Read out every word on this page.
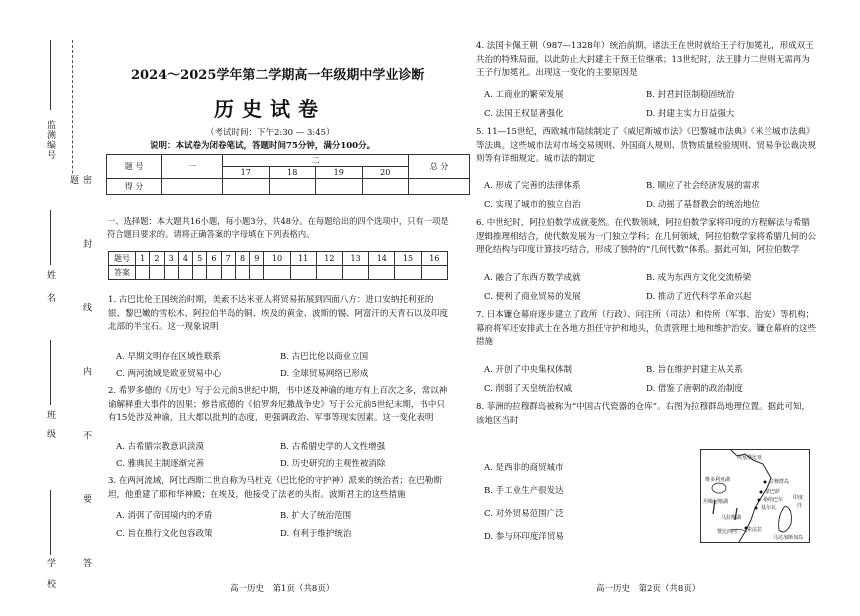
监测编号
姓名
班级
学校	密 封 线 内 不 要 答 题
2024～2025学年第二学期高一年级期中学业诊断
历史试卷
（考试时间：下午2:30 — 3:45）
说明：本试卷为闭卷笔试，答题时间75分钟，满分100分。
题 号	一	二				总 分
		17	18	19	20	
得 分						
一、选择题：本大题共16小题，每小题3分，共48分。在每题给出的四个选项中，只有一项是符合题目要求的。请将正确答案的字母填在下列表格内。
题号	1	2	3	4	5	6	7	8	9	10	11	12	13	14	15	16
答案																
1. 古巴比伦王国统治时期，美索不达米亚人将贸易拓展到四面八方：进口安纳托利亚的银、黎巴嫩的雪松木、阿拉伯半岛的铜、埃及的黄金、波斯的锡、阿富汗的天青石以及印度北部的半宝石。这一现象说明
A. 早期文明存在区域性联系	B. 古巴比伦以商业立国
C. 两河流域是欧亚贸易中心	D. 全球贸易网络已形成
2. 希罗多德的《历史》写于公元前5世纪中期，书中述及神谕的地方有上百次之多，常以神谕解释重大事件的因果；修昔底德的《伯罗奔尼撒战争史》写于公元前5世纪末期，书中只有15处涉及神谕，且大都以批判的态度，更强调政治、军事等现实因素。这一变化表明
A. 古希腊宗教意识淡漠	B. 古希腊史学的人文性增强
C. 雅典民主制逐渐完善	D. 历史研究的主观性被消除
3. 在两河流域，阿比西斯二世自称为马杜克（巴比伦的守护神）派来的统治者；在巴勒斯坦，他重建了耶和华神殿；在埃及，他接受了法老的头衔。波斯君主的这些措施
A. 消弭了帝国境内的矛盾	B. 扩大了统治范围
C. 旨在推行文化包容政策	D. 有利于维护统治
4. 法国卡佩王朝（987—1328年）统治前期，诸法王在世时就给王子行加冕礼，形成双王共治的特殊局面，以此防止大封建主干预王位继承；13世纪时，法王腓力二世则无需再为王子行加冕礼。出现这一变化的主要原因是
A. 工商业的繁荣发展	B. 封君封臣制稳固统治
C. 法国王权显著强化	D. 封建主实力日益强大
5. 11—15世纪，西欧城市陆续制定了《威尼斯城市法》《巴黎城市法典》《米兰城市法典》等法典。这些城市法对市场交易规则、外国商人规则、货物质量检验规则、贸易争讼裁决规则等有详细规定。城市法的制定
A. 形成了完善的法律体系	B. 顺应了社会经济发展的需求
C. 实现了城市的独立自治	D. 动摇了基督教会的统治地位
6. 中世纪时，阿拉伯数学成就斐然。在代数领域，阿拉伯数学家将印度的方程解法与希腊逻辑推理相结合，使代数发展为一门独立学科；在几何领域，阿拉伯数学家将希腊几何的公理化结构与印度计算技巧结合，形成了独特的“几何代数”体系。据此可知，阿拉伯数学
A. 融合了东西方数学成就	B. 成为东西方文化交流桥梁
C. 便利了商业贸易的发展	D. 推动了近代科学革命兴起
7. 日本镰仓幕府逐步建立了政所（行政）、问注所（司法）和侍所（军事、治安）等机构；幕府将军还安排武士在各地方担任守护和地头，负责管理土地和维护治安。镰仓幕府的这些措施
A. 开创了中央集权体制	B. 旨在维护封建主从关系
C. 削弱了天皇统治权威	D. 借鉴了唐朝的政治制度
8. 菲洲的拉穆群岛被称为“中国古代瓷器的仓库”。右图为拉穆群岛地理位置。据此可知，该地区当时
A. 是西非的商贸城市
B. 手工业生产很发达
C. 对外贸易范围广泛
D. 参与环印度洋贸易
埃塞俄比亚
维多利亚湖
坦噶尼喀湖
拉穆群岛
蒙巴萨
桑给巴尔
基尔瓦
马拉维湖
索法拉
赞比西河
马达加斯加岛
印度
洋
高一历史　第1页（共8页）	高一历史　第2页（共8页）
